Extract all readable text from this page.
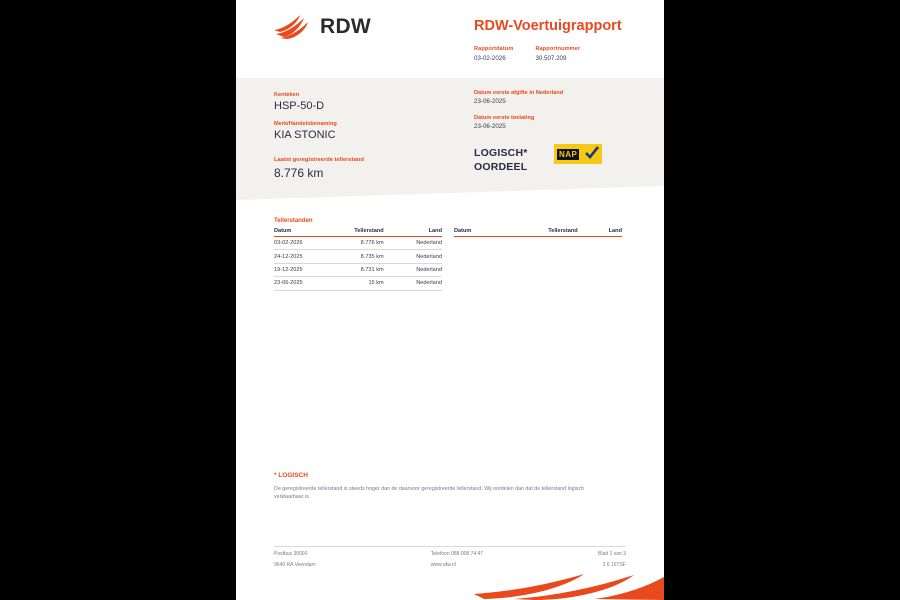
RDW	RDW-Voertuigrapport
Rapportdatum
03-02-2026
Rapportnummer
30.507.209
Kenteken
HSP-50-D
Merk/Handelsbenaming
KIA STONIC
Laatst geregistreerde tellerstand
8.776 km
Datum eerste afgifte in Nederland
23-06-2025
Datum eerste toelating
23-06-2025
LOGISCH*
OORDEEL
NAP
Tellerstanden
Datum	Tellerstand	Land
03-02-2026	8.776 km	Nederland
24-12-2025	8.735 km	Nederland
19-12-2025	8.731 km	Nederland
23-06-2025	15 km	Nederland
Datum	Tellerstand	Land
* LOGISCH
De geregistreerde tellerstand is steeds hoger dan de daarvoor geregistreerde tellerstand. Wij oordelen dan dat de tellerstand logisch verklaarbaar is.
Postbus 30000
9640 RA Veendam
Telefoon 088 008 74 47
www.rdw.nl
Blad 1 van 3
2.6 16TSF
